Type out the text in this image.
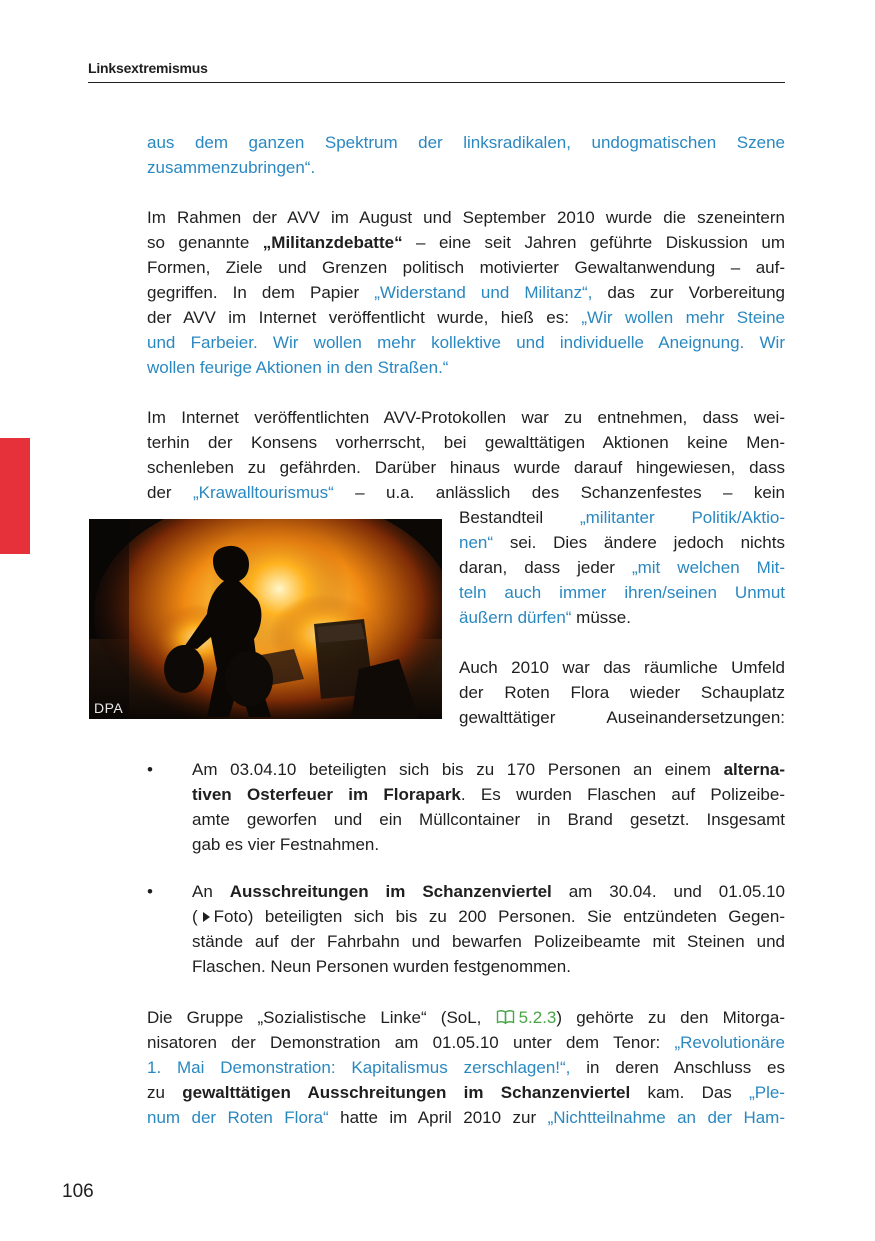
Linksextremismus
aus dem ganzen Spektrum der linksradikalen, undogmatischen Szene
zusammenzubringen“.
Im Rahmen der AVV im August und September 2010 wurde die szeneintern
so genannte „Militanzdebatte“ – eine seit Jahren geführte Diskussion um
Formen, Ziele und Grenzen politisch motivierter Gewaltanwendung – auf-
gegriffen. In dem Papier „Widerstand und Militanz“, das zur Vorbereitung
der AVV im Internet veröffentlicht wurde, hieß es: „Wir wollen mehr Steine
und Farbeier. Wir wollen mehr kollektive und individuelle Aneignung. Wir
wollen feurige Aktionen in den Straßen.“
Im Internet veröffentlichten AVV-Protokollen war zu entnehmen, dass wei-
terhin der Konsens vorherrscht, bei gewalttätigen Aktionen keine Men-
schenleben zu gefährden. Darüber hinaus wurde darauf hingewiesen, dass
der „Krawalltourismus“ – u.a. anlässlich des Schanzenfestes – kein
Bestandteil „militanter Politik/Aktio-
nen“ sei. Dies ändere jedoch nichts
daran, dass jeder „mit welchen Mit-
teln auch immer ihren/seinen Unmut
äußern dürfen“ müsse.
Auch 2010 war das räumliche Umfeld
der Roten Flora wieder Schauplatz
gewalttätiger Auseinandersetzungen:
DPA
• Am 03.04.10 beteiligten sich bis zu 170 Personen an einem alterna-
tiven Osterfeuer im Florapark. Es wurden Flaschen auf Polizeibe-
amte geworfen und ein Müllcontainer in Brand gesetzt. Insgesamt
gab es vier Festnahmen.
• An Ausschreitungen im Schanzenviertel am 30.04. und 01.05.10
( Foto) beteiligten sich bis zu 200 Personen. Sie entzündeten Gegen-
stände auf der Fahrbahn und bewarfen Polizeibeamte mit Steinen und
Flaschen. Neun Personen wurden festgenommen.
Die Gruppe „Sozialistische Linke“ (SoL, 5.2.3) gehörte zu den Mitorga-
nisatoren der Demonstration am 01.05.10 unter dem Tenor: „Revolutionäre
1. Mai Demonstration: Kapitalismus zerschlagen!“, in deren Anschluss es
zu gewalttätigen Ausschreitungen im Schanzenviertel kam. Das „Ple-
num der Roten Flora“ hatte im April 2010 zur „Nichtteilnahme an der Ham-
106
